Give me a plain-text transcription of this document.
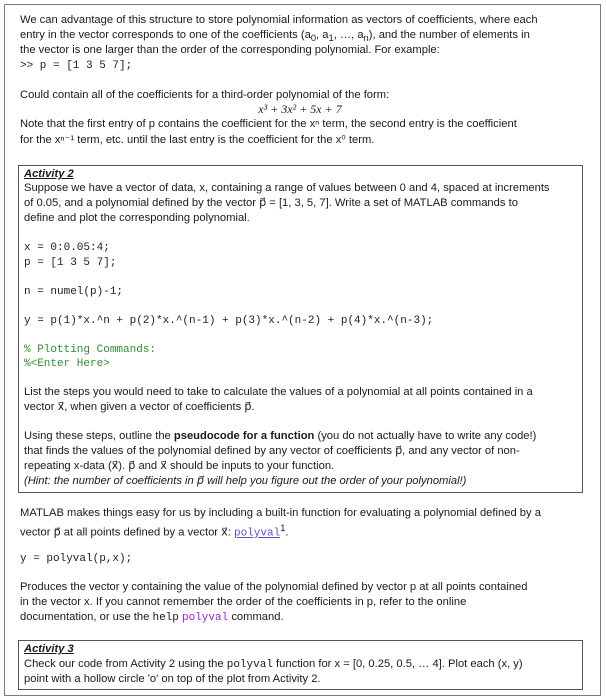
We can advantage of this structure to store polynomial information as vectors of coefficients, where each
entry in the vector corresponds to one of the coefficients ($a_0$, $a_1$, …, $a_n$), and the number of elements in
the vector is one larger than the order of the corresponding polynomial. For example:
>> p = [1 3 5 7];
Could contain all of the coefficients for a third-order polynomial of the form:
x³ + 3x² + 5x + 7
Note that the first entry of p contains the coefficient for the xⁿ term, the second entry is the coefficient
for the xⁿ⁻¹ term, etc. until the last entry is the coefficient for the x⁰ term.
Activity 2
Suppose we have a vector of data, x, containing a range of values between 0 and 4, spaced at increments
of 0.05, and a polynomial defined by the vector p⃗ = [1, 3, 5, 7]. Write a set of MATLAB commands to
define and plot the corresponding polynomial.
x = 0:0.05:4;
p = [1 3 5 7];
n = numel(p)-1;
y = p(1)*x.^n + p(2)*x.^(n-1) + p(3)*x.^(n-2) + p(4)*x.^(n-3);
% Plotting Commands:
%<Enter Here>
List the steps you would need to take to calculate the values of a polynomial at all points contained in a
vector x⃗, when given a vector of coefficients p⃗.
Using these steps, outline the pseudocode for a function (you do not actually have to write any code!)
that finds the values of the polynomial defined by any vector of coefficients p⃗, and any vector of non-
repeating x-data (x⃗). p⃗ and x⃗ should be inputs to your function.
(Hint: the number of coefficients in p⃗ will help you figure out the order of your polynomial!)
MATLAB makes things easy for us by including a built-in function for evaluating a polynomial defined by a
vector p⃗ at all points defined by a vector x⃗: polyval$^1$.
y = polyval(p,x);
Produces the vector y containing the value of the polynomial defined by vector p at all points contained
in the vector x. If you cannot remember the order of the coefficients in p, refer to the online
documentation, or use the help polyval command.
Activity 3
Check our code from Activity 2 using the polyval function for x = [0, 0.25, 0.5, … 4]. Plot each (x, y)
point with a hollow circle 'o' on top of the plot from Activity 2.
